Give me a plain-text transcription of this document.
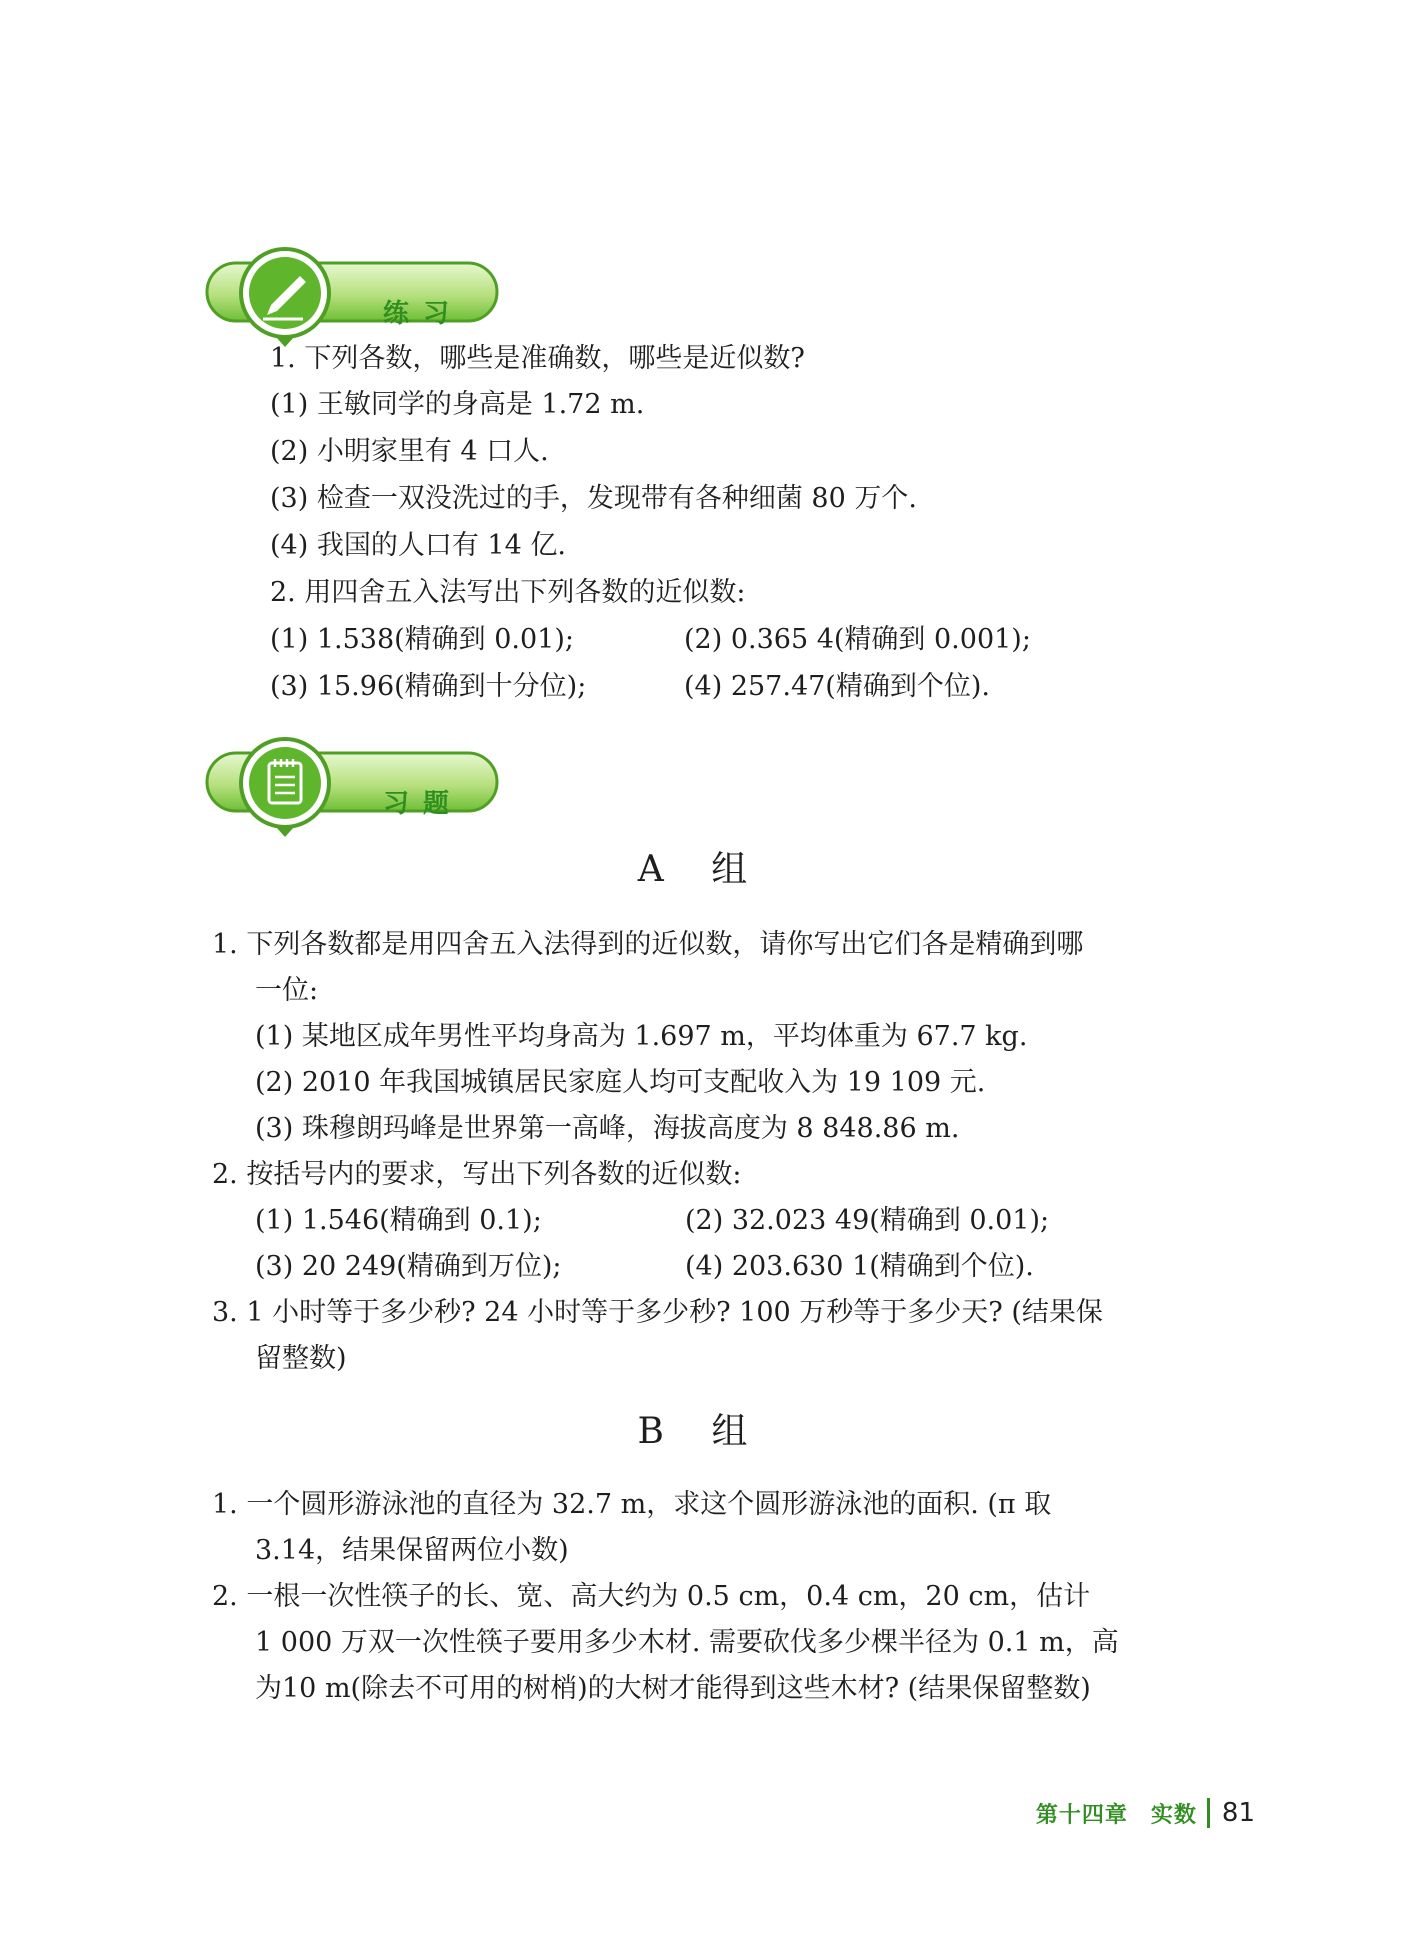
练习
1. 下列各数，哪些是准确数，哪些是近似数?
(1) 王敏同学的身高是 1.72 m.
(2) 小明家里有 4 口人.
(3) 检查一双没洗过的手，发现带有各种细菌 80 万个.
(4) 我国的人口有 14 亿.
2. 用四舍五入法写出下列各数的近似数:
(1) 1.538(精确到 0.01);	(2) 0.365 4(精确到 0.001);
(3) 15.96(精确到十分位);	(4) 257.47(精确到个位).
习题
A 组
1. 下列各数都是用四舍五入法得到的近似数，请你写出它们各是精确到哪
一位:
(1) 某地区成年男性平均身高为 1.697 m，平均体重为 67.7 kg.
(2) 2010 年我国城镇居民家庭人均可支配收入为 19 109 元.
(3) 珠穆朗玛峰是世界第一高峰，海拔高度为 8 848.86 m.
2. 按括号内的要求，写出下列各数的近似数:
(1) 1.546(精确到 0.1);	(2) 32.023 49(精确到 0.01);
(3) 20 249(精确到万位);	(4) 203.630 1(精确到个位).
3. 1 小时等于多少秒? 24 小时等于多少秒? 100 万秒等于多少天? (结果保
留整数)
B 组
1. 一个圆形游泳池的直径为 32.7 m，求这个圆形游泳池的面积. (π 取
3.14，结果保留两位小数)
2. 一根一次性筷子的长、宽、高大约为 0.5 cm，0.4 cm，20 cm，估计
1 000 万双一次性筷子要用多少木材. 需要砍伐多少棵半径为 0.1 m，高
为10 m(除去不可用的树梢)的大树才能得到这些木材? (结果保留整数)
第十四章　实数 81
